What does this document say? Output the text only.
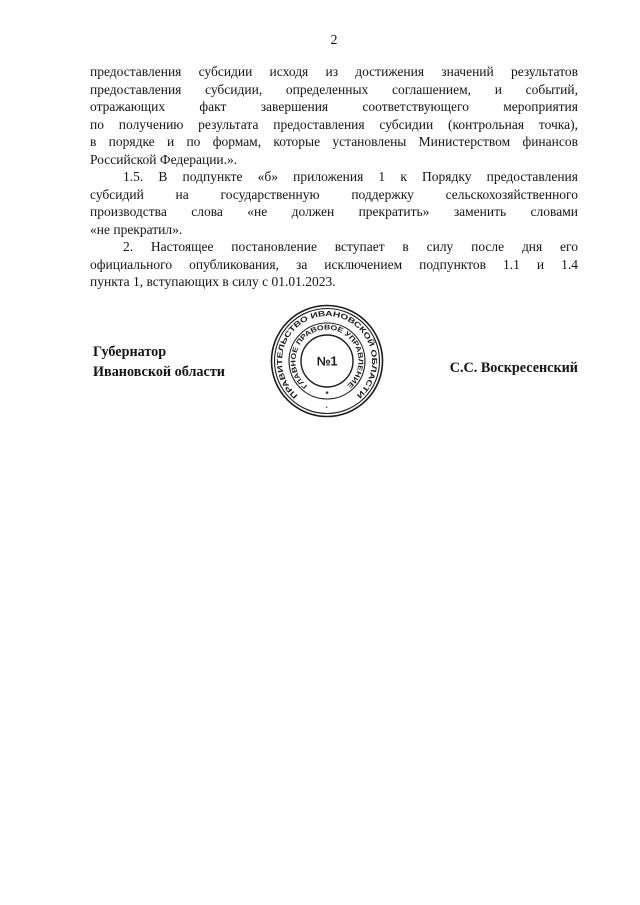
2
предоставления субсидии исходя из достижения значений результатов
предоставления субсидии, определенных соглашением, и событий,
отражающих факт завершения соответствующего мероприятия
по получению результата предоставления субсидии (контрольная точка),
в порядке и по формам, которые установлены Министерством финансов
Российской Федерации.».
1.5. В подпункте «б» приложения 1 к Порядку предоставления
субсидий на государственную поддержку сельскохозяйственного
производства слова «не должен прекратить» заменить словами
«не прекратил».
2. Настоящее постановление вступает в силу после дня его
официального опубликования, за исключением подпунктов 1.1 и 1.4
пункта 1, вступающих в силу с 01.01.2023.
Губернатор
Ивановской области	С.С. Воскресенский
ПРАВИТЕЛЬСТВО ИВАНОВСКОЙ ОБЛАСТИ
ГЛАВНОЕ ПРАВОВОЕ УПРАВЛЕНИЕ
№1
*
·
